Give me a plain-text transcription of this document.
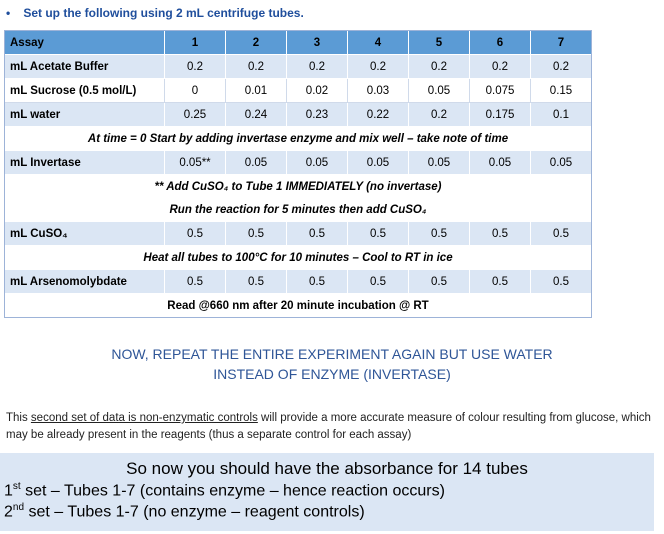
• Set up the following using 2 mL centrifuge tubes.
Assay	1	2	3	4	5	6	7
mL Acetate Buffer	0.2	0.2	0.2	0.2	0.2	0.2	0.2
mL Sucrose (0.5 mol/L)	0	0.01	0.02	0.03	0.05	0.075	0.15
mL water	0.25	0.24	0.23	0.22	0.2	0.175	0.1
At time = 0 Start by adding invertase enzyme and mix well – take note of time							
mL Invertase	0.05**	0.05	0.05	0.05	0.05	0.05	0.05
** Add CuSO₄ to Tube 1 IMMEDIATELY (no invertase)							
Run the reaction for 5 minutes then add CuSO₄							
mL CuSO₄	0.5	0.5	0.5	0.5	0.5	0.5	0.5
Heat all tubes to 100°C for 10 minutes – Cool to RT in ice							
mL Arsenomolybdate	0.5	0.5	0.5	0.5	0.5	0.5	0.5
Read @660 nm after 20 minute incubation @ RT							
NOW, REPEAT THE ENTIRE EXPERIMENT AGAIN BUT USE WATER
INSTEAD OF ENZYME (INVERTASE)
This second set of data is non-enzymatic controls will provide a more accurate measure of colour resulting from glucose, which may be already present in the reagents (thus a separate control for each assay)
So now you should have the absorbance for 14 tubes
1st set – Tubes 1-7 (contains enzyme – hence reaction occurs)
2nd set – Tubes 1-7 (no enzyme – reagent controls)
